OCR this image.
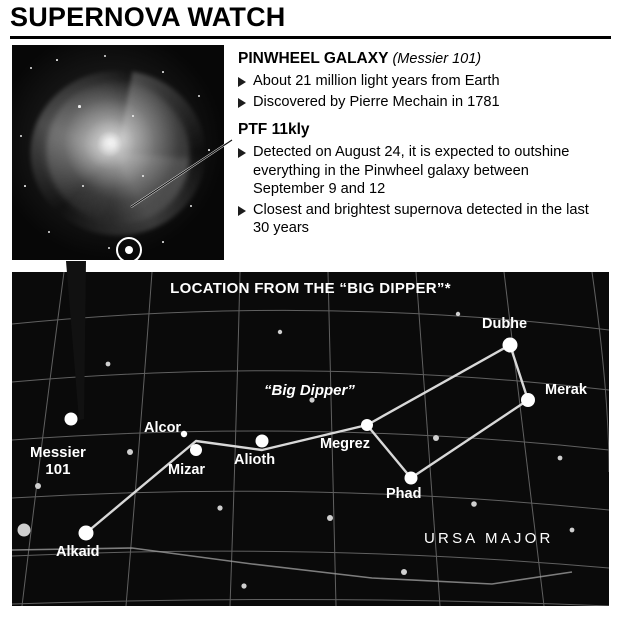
SUPERNOVA WATCH
PINWHEEL GALAXY (Messier 101)
About 21 million light years from Earth
Discovered by Pierre Mechain in 1781
PTF 11kly
Detected on August 24, it is expected to outshine everything in the Pinwheel galaxy between September 9 and 12
Closest and brightest supernova detected in the last 30 years
LOCATION FROM THE “BIG DIPPER”*
“Big Dipper”
URSA MAJOR
Dubhe
Merak
Phad
Megrez
Alioth
Mizar
Alcor
Alkaid
Messier
101
